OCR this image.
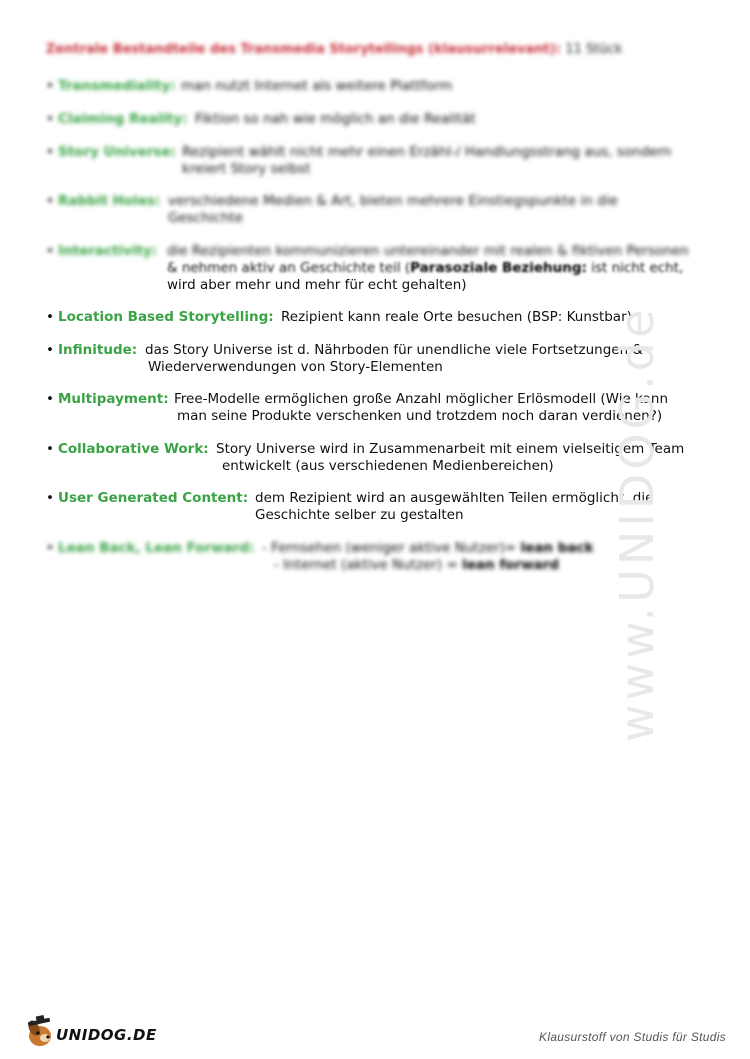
Zentrale Bestandteile des Transmedia Storytellings (klausurrelevant): 11 Stück
• Transmediality: man nutzt Internet als weitere Plattform
• Claiming Reality: Fiktion so nah wie möglich an die Realität
• Story Universe: Rezipient wählt nicht mehr einen Erzähl-/ Handlungsstrang aus, sondern
kreiert Story selbst
• Rabbit Holes: verschiedene Medien & Art, bieten mehrere Einstiegspunkte in die
Geschichte
• Interactivity: die Rezipienten kommunizieren untereinander mit realen & fiktiven Personen
& nehmen aktiv an Geschichte teil (Parasoziale Beziehung: ist nicht echt,
wird aber mehr und mehr für echt gehalten)
• Location Based Storytelling: Rezipient kann reale Orte besuchen (BSP: Kunstbar)
• Infinitude: das Story Universe ist d. Nährboden für unendliche viele Fortsetzungen &
Wiederverwendungen von Story-Elementen
• Multipayment: Free-Modelle ermöglichen große Anzahl möglicher Erlösmodell (Wie kann
man seine Produkte verschenken und trotzdem noch daran verdienen?)
• Collaborative Work: Story Universe wird in Zusammenarbeit mit einem vielseitigem Team
entwickelt (aus verschiedenen Medienbereichen)
• User Generated Content: dem Rezipient wird an ausgewählten Teilen ermöglicht, die
Geschichte selber zu gestalten
• Lean Back, Lean Forward: - Fernsehen (weniger aktive Nutzer)= lean back
- Internet (aktive Nutzer) = lean forward	www.UNIDOG.de
UNIDOG.DE	Klausurstoff von Studis für Studis
